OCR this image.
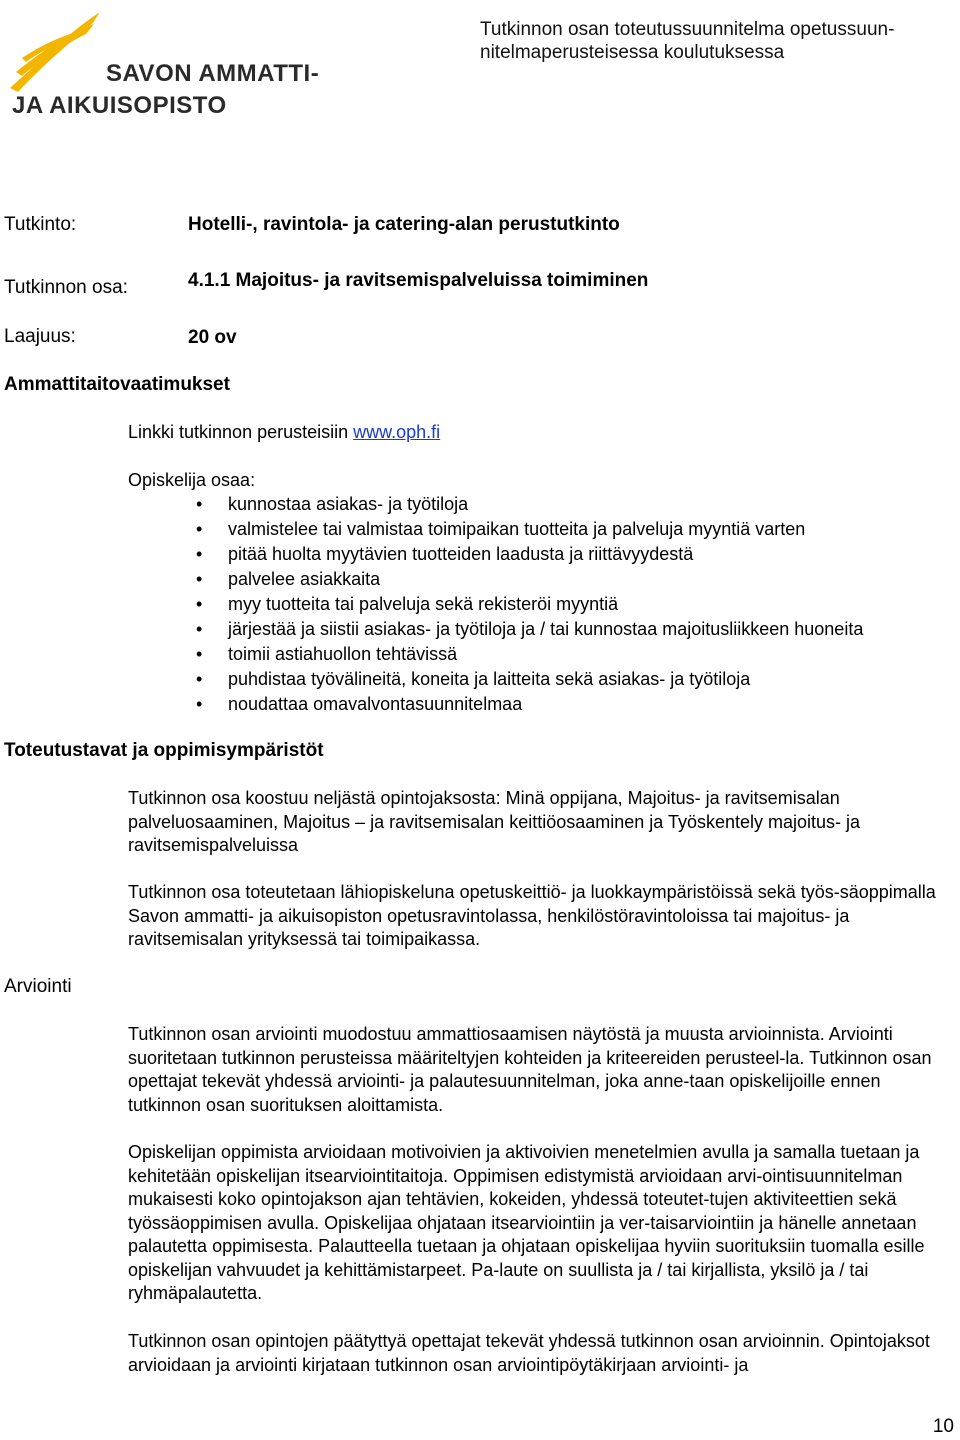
SAVON AMMATTI-
JA AIKUISOPISTO
Tutkinnon osan toteutussuunnitelma opetussuun-nitelmaperusteisessa koulutuksessa
Tutkinto:	Hotelli-, ravintola- ja catering-alan perustutkinto
Tutkinnon osa:	4.1.1 Majoitus- ja ravitsemispalveluissa toimiminen
Laajuus:	20 ov
Ammattitaitovaatimukset
Linkki tutkinnon perusteisiin www.oph.fi
Opiskelija osaa:
• kunnostaa asiakas- ja työtiloja
• valmistelee tai valmistaa toimipaikan tuotteita ja palveluja myyntiä varten
• pitää huolta myytävien tuotteiden laadusta ja riittävyydestä
• palvelee asiakkaita
• myy tuotteita tai palveluja sekä rekisteröi myyntiä
• järjestää ja siistii asiakas- ja työtiloja ja / tai kunnostaa majoitusliikkeen huoneita
• toimii astiahuollon tehtävissä
• puhdistaa työvälineitä, koneita ja laitteita sekä asiakas- ja työtiloja
• noudattaa omavalvontasuunnitelmaa
Toteutustavat ja oppimisympäristöt
Tutkinnon osa koostuu neljästä opintojaksosta: Minä oppijana, Majoitus- ja ravitsemisalan palveluosaaminen, Majoitus – ja ravitsemisalan keittiöosaaminen ja Työskentely majoitus- ja ravitsemispalveluissa
Tutkinnon osa toteutetaan lähiopiskeluna opetuskeittiö- ja luokkaympäristöissä sekä työs-säoppimalla Savon ammatti- ja aikuisopiston opetusravintolassa, henkilöstöravintoloissa tai majoitus- ja ravitsemisalan yrityksessä tai toimipaikassa.
Arviointi
Tutkinnon osan arviointi muodostuu ammattiosaamisen näytöstä ja muusta arvioinnista. Arviointi suoritetaan tutkinnon perusteissa määriteltyjen kohteiden ja kriteereiden perusteel-la. Tutkinnon osan opettajat tekevät yhdessä arviointi- ja palautesuunnitelman, joka anne-taan opiskelijoille ennen tutkinnon osan suorituksen aloittamista.
Opiskelijan oppimista arvioidaan motivoivien ja aktivoivien menetelmien avulla ja samalla tuetaan ja kehitetään opiskelijan itsearviointitaitoja. Oppimisen edistymistä arvioidaan arvi-ointisuunnitelman mukaisesti koko opintojakson ajan tehtävien, kokeiden, yhdessä toteutet-tujen aktiviteettien sekä työssäoppimisen avulla. Opiskelijaa ohjataan itsearviointiin ja ver-taisarviointiin ja hänelle annetaan palautetta oppimisesta. Palautteella tuetaan ja ohjataan opiskelijaa hyviin suorituksiin tuomalla esille opiskelijan vahvuudet ja kehittämistarpeet. Pa-laute on suullista ja / tai kirjallista, yksilö ja / tai ryhmäpalautetta.
Tutkinnon osan opintojen päätyttyä opettajat tekevät yhdessä tutkinnon osan arvioinnin. Opintojaksot arvioidaan ja arviointi kirjataan tutkinnon osan arviointipöytäkirjaan arviointi- ja
10
